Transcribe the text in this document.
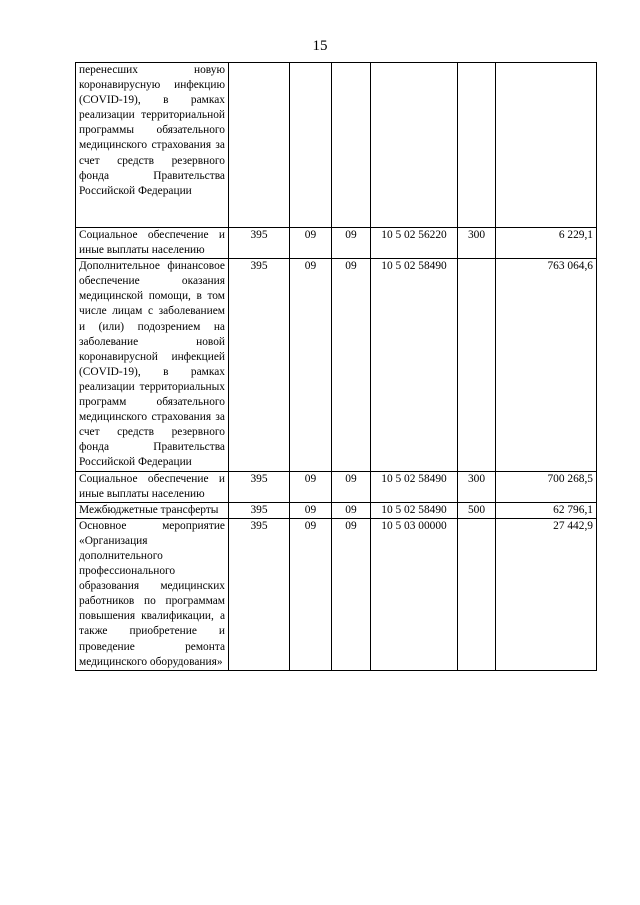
15
перенесших новую коронавирусную инфекцию (COVID-19), в рамках реализации территориальной программы обязательного медицинского страхования за счет средств резервного фонда Правительства Российской Федерации						
Социальное обеспечение и иные выплаты населению	395	09	09	10 5 02 56220	300	6 229,1
Дополнительное финансовое обеспечение оказания медицинской помощи, в том числе лицам с заболеванием и (или) подозрением на заболевание новой коронавирусной инфекцией (COVID-19), в рамках реализации территориальных программ обязательного медицинского страхования за счет средств резервного фонда Правительства Российской Федерации	395	09	09	10 5 02 58490		763 064,6
Социальное обеспечение и иные выплаты населению	395	09	09	10 5 02 58490	300	700 268,5
Межбюджетные трансферты	395	09	09	10 5 02 58490	500	62 796,1
Основное мероприятие «Организация дополнительного профессионального образования медицинских работников по программам повышения квалификации, а также приобретение и проведение ремонта медицинского оборудования»	395	09	09	10 5 03 00000		27 442,9
